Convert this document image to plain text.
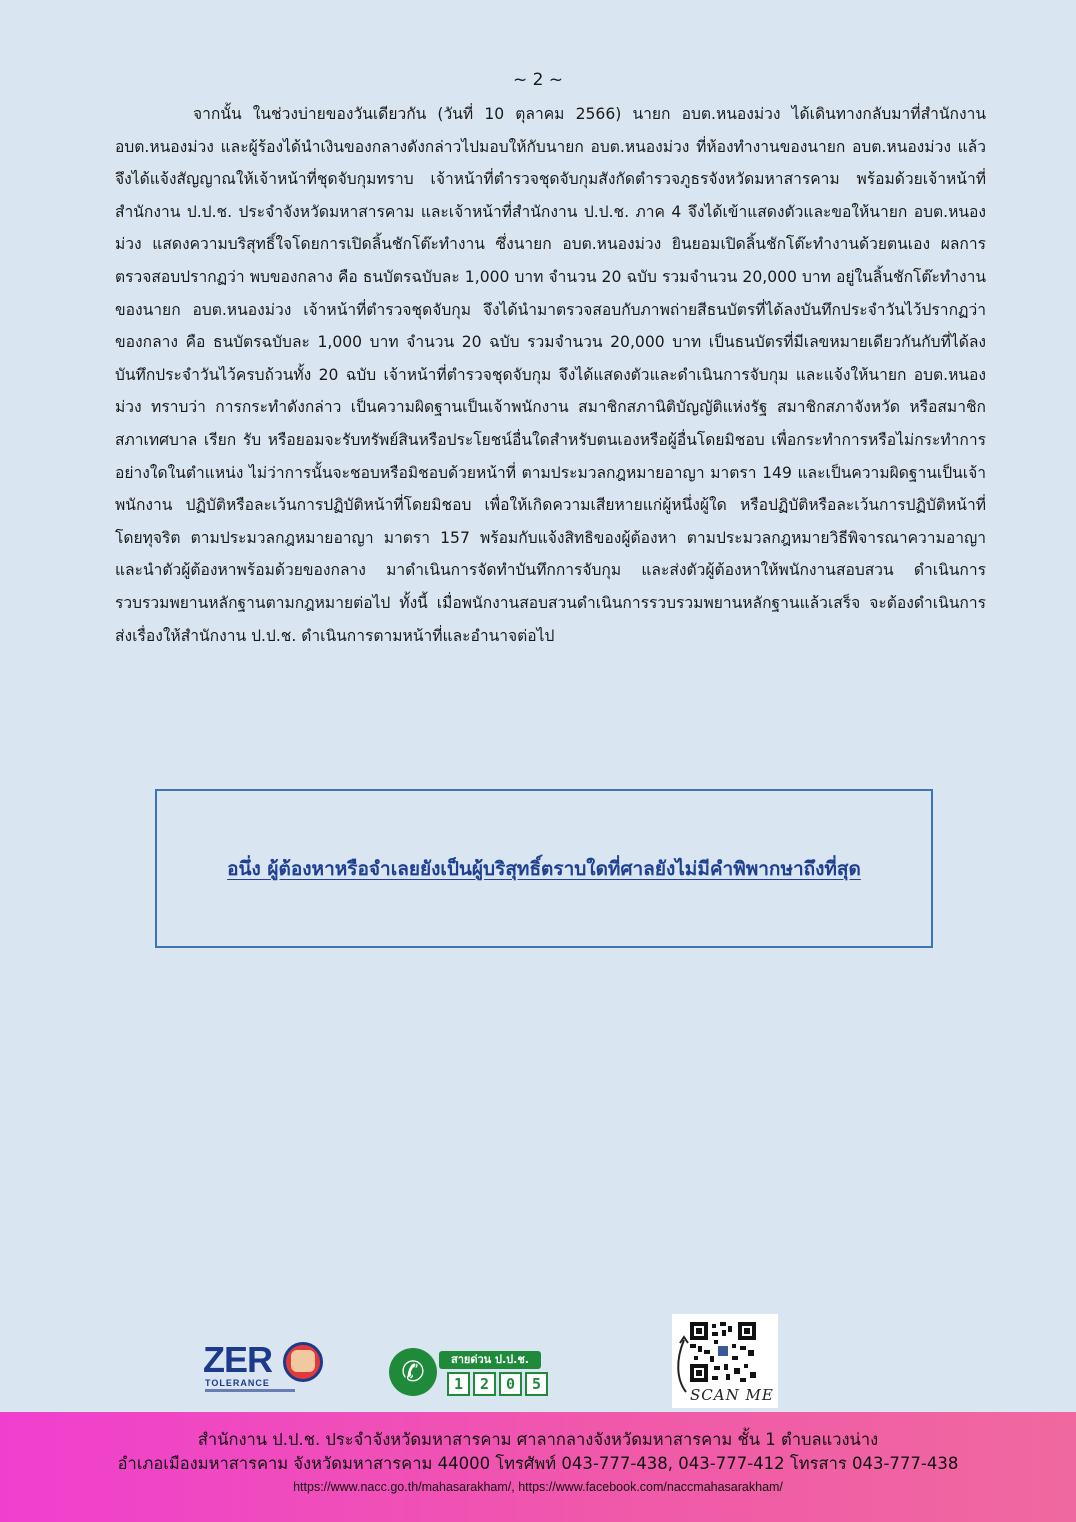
~ 2 ~

จากนั้น ในช่วงบ่ายของวันเดียวกัน (วันที่ 10 ตุลาคม 2566) นายก อบต.หนองม่วง ได้เดินทางกลับมาที่สำนักงาน อบต.หนองม่วง และผู้ร้องได้นำเงินของกลางดังกล่าวไปมอบให้กับนายก อบต.หนองม่วง ที่ห้องทำงานของนายก อบต.หนองม่วง แล้วจึงได้แจ้งสัญญาณให้เจ้าหน้าที่ชุดจับกุมทราบ เจ้าหน้าที่ตำรวจชุดจับกุมสังกัดตำรวจภูธรจังหวัดมหาสารคาม พร้อมด้วยเจ้าหน้าที่สำนักงาน ป.ป.ช. ประจำจังหวัดมหาสารคาม และเจ้าหน้าที่สำนักงาน ป.ป.ช. ภาค 4 จึงได้เข้าแสดงตัวและขอให้นายก อบต.หนองม่วง แสดงความบริสุทธิ์ใจโดยการเปิดลิ้นชักโต๊ะทำงาน ซึ่งนายก อบต.หนองม่วง ยินยอมเปิดลิ้นชักโต๊ะทำงานด้วยตนเอง ผลการตรวจสอบปรากฏว่า พบของกลาง คือ ธนบัตรฉบับละ 1,000 บาท จำนวน 20 ฉบับ รวมจำนวน 20,000 บาท อยู่ในลิ้นชักโต๊ะทำงานของนายก อบต.หนองม่วง เจ้าหน้าที่ตำรวจชุดจับกุม จึงได้นำมาตรวจสอบกับภาพถ่ายสีธนบัตรที่ได้ลงบันทึกประจำวันไว้ปรากฏว่า ของกลาง คือ ธนบัตรฉบับละ 1,000 บาท จำนวน 20 ฉบับ รวมจำนวน 20,000 บาท เป็นธนบัตรที่มีเลขหมายเดียวกันกับที่ได้ลงบันทึกประจำวันไว้ครบถ้วนทั้ง 20 ฉบับ เจ้าหน้าที่ตำรวจชุดจับกุม จึงได้แสดงตัวและดำเนินการจับกุม และแจ้งให้นายก อบต.หนองม่วง ทราบว่า การกระทำดังกล่าว เป็นความผิดฐานเป็นเจ้าพนักงาน สมาชิกสภานิติบัญญัติแห่งรัฐ สมาชิกสภาจังหวัด หรือสมาชิกสภาเทศบาล เรียก รับ หรือยอมจะรับทรัพย์สินหรือประโยชน์อื่นใดสำหรับตนเองหรือผู้อื่นโดยมิชอบ เพื่อกระทำการหรือไม่กระทำการอย่างใดในตำแหน่ง ไม่ว่าการนั้นจะชอบหรือมิชอบด้วยหน้าที่ ตามประมวลกฎหมายอาญา มาตรา 149 และเป็นความผิดฐานเป็นเจ้าพนักงาน ปฏิบัติหรือละเว้นการปฏิบัติหน้าที่โดยมิชอบ เพื่อให้เกิดความเสียหายแก่ผู้หนึ่งผู้ใด หรือปฏิบัติหรือละเว้นการปฏิบัติหน้าที่โดยทุจริต ตามประมวลกฎหมายอาญา มาตรา 157 พร้อมกับแจ้งสิทธิของผู้ต้องหา ตามประมวลกฎหมายวิธีพิจารณาความอาญา และนำตัวผู้ต้องหาพร้อมด้วยของกลาง มาดำเนินการจัดทำบันทึกการจับกุม และส่งตัวผู้ต้องหาให้พนักงานสอบสวน ดำเนินการรวบรวมพยานหลักฐานตามกฎหมายต่อไป ทั้งนี้ เมื่อพนักงานสอบสวนดำเนินการรวบรวมพยานหลักฐานแล้วเสร็จ จะต้องดำเนินการส่งเรื่องให้สำนักงาน ป.ป.ช. ดำเนินการตามหน้าที่และอำนาจต่อไป

อนึ่ง ผู้ต้องหาหรือจำเลยยังเป็นผู้บริสุทธิ์ตราบใดที่ศาลยังไม่มีคำพิพากษาถึงที่สุด
ZER
TOLERANCE	✆	สายด่วน ป.ป.ช.
1	2	0	5
SCAN ME
สำนักงาน ป.ป.ช. ประจำจังหวัดมหาสารคาม ศาลากลางจังหวัดมหาสารคาม ชั้น 1 ตำบลแวงน่าง
อำเภอเมืองมหาสารคาม จังหวัดมหาสารคาม 44000 โทรศัพท์ 043-777-438, 043-777-412 โทรสาร 043-777-438
https://www.nacc.go.th/mahasarakham/, https://www.facebook.com/naccmahasarakham/
